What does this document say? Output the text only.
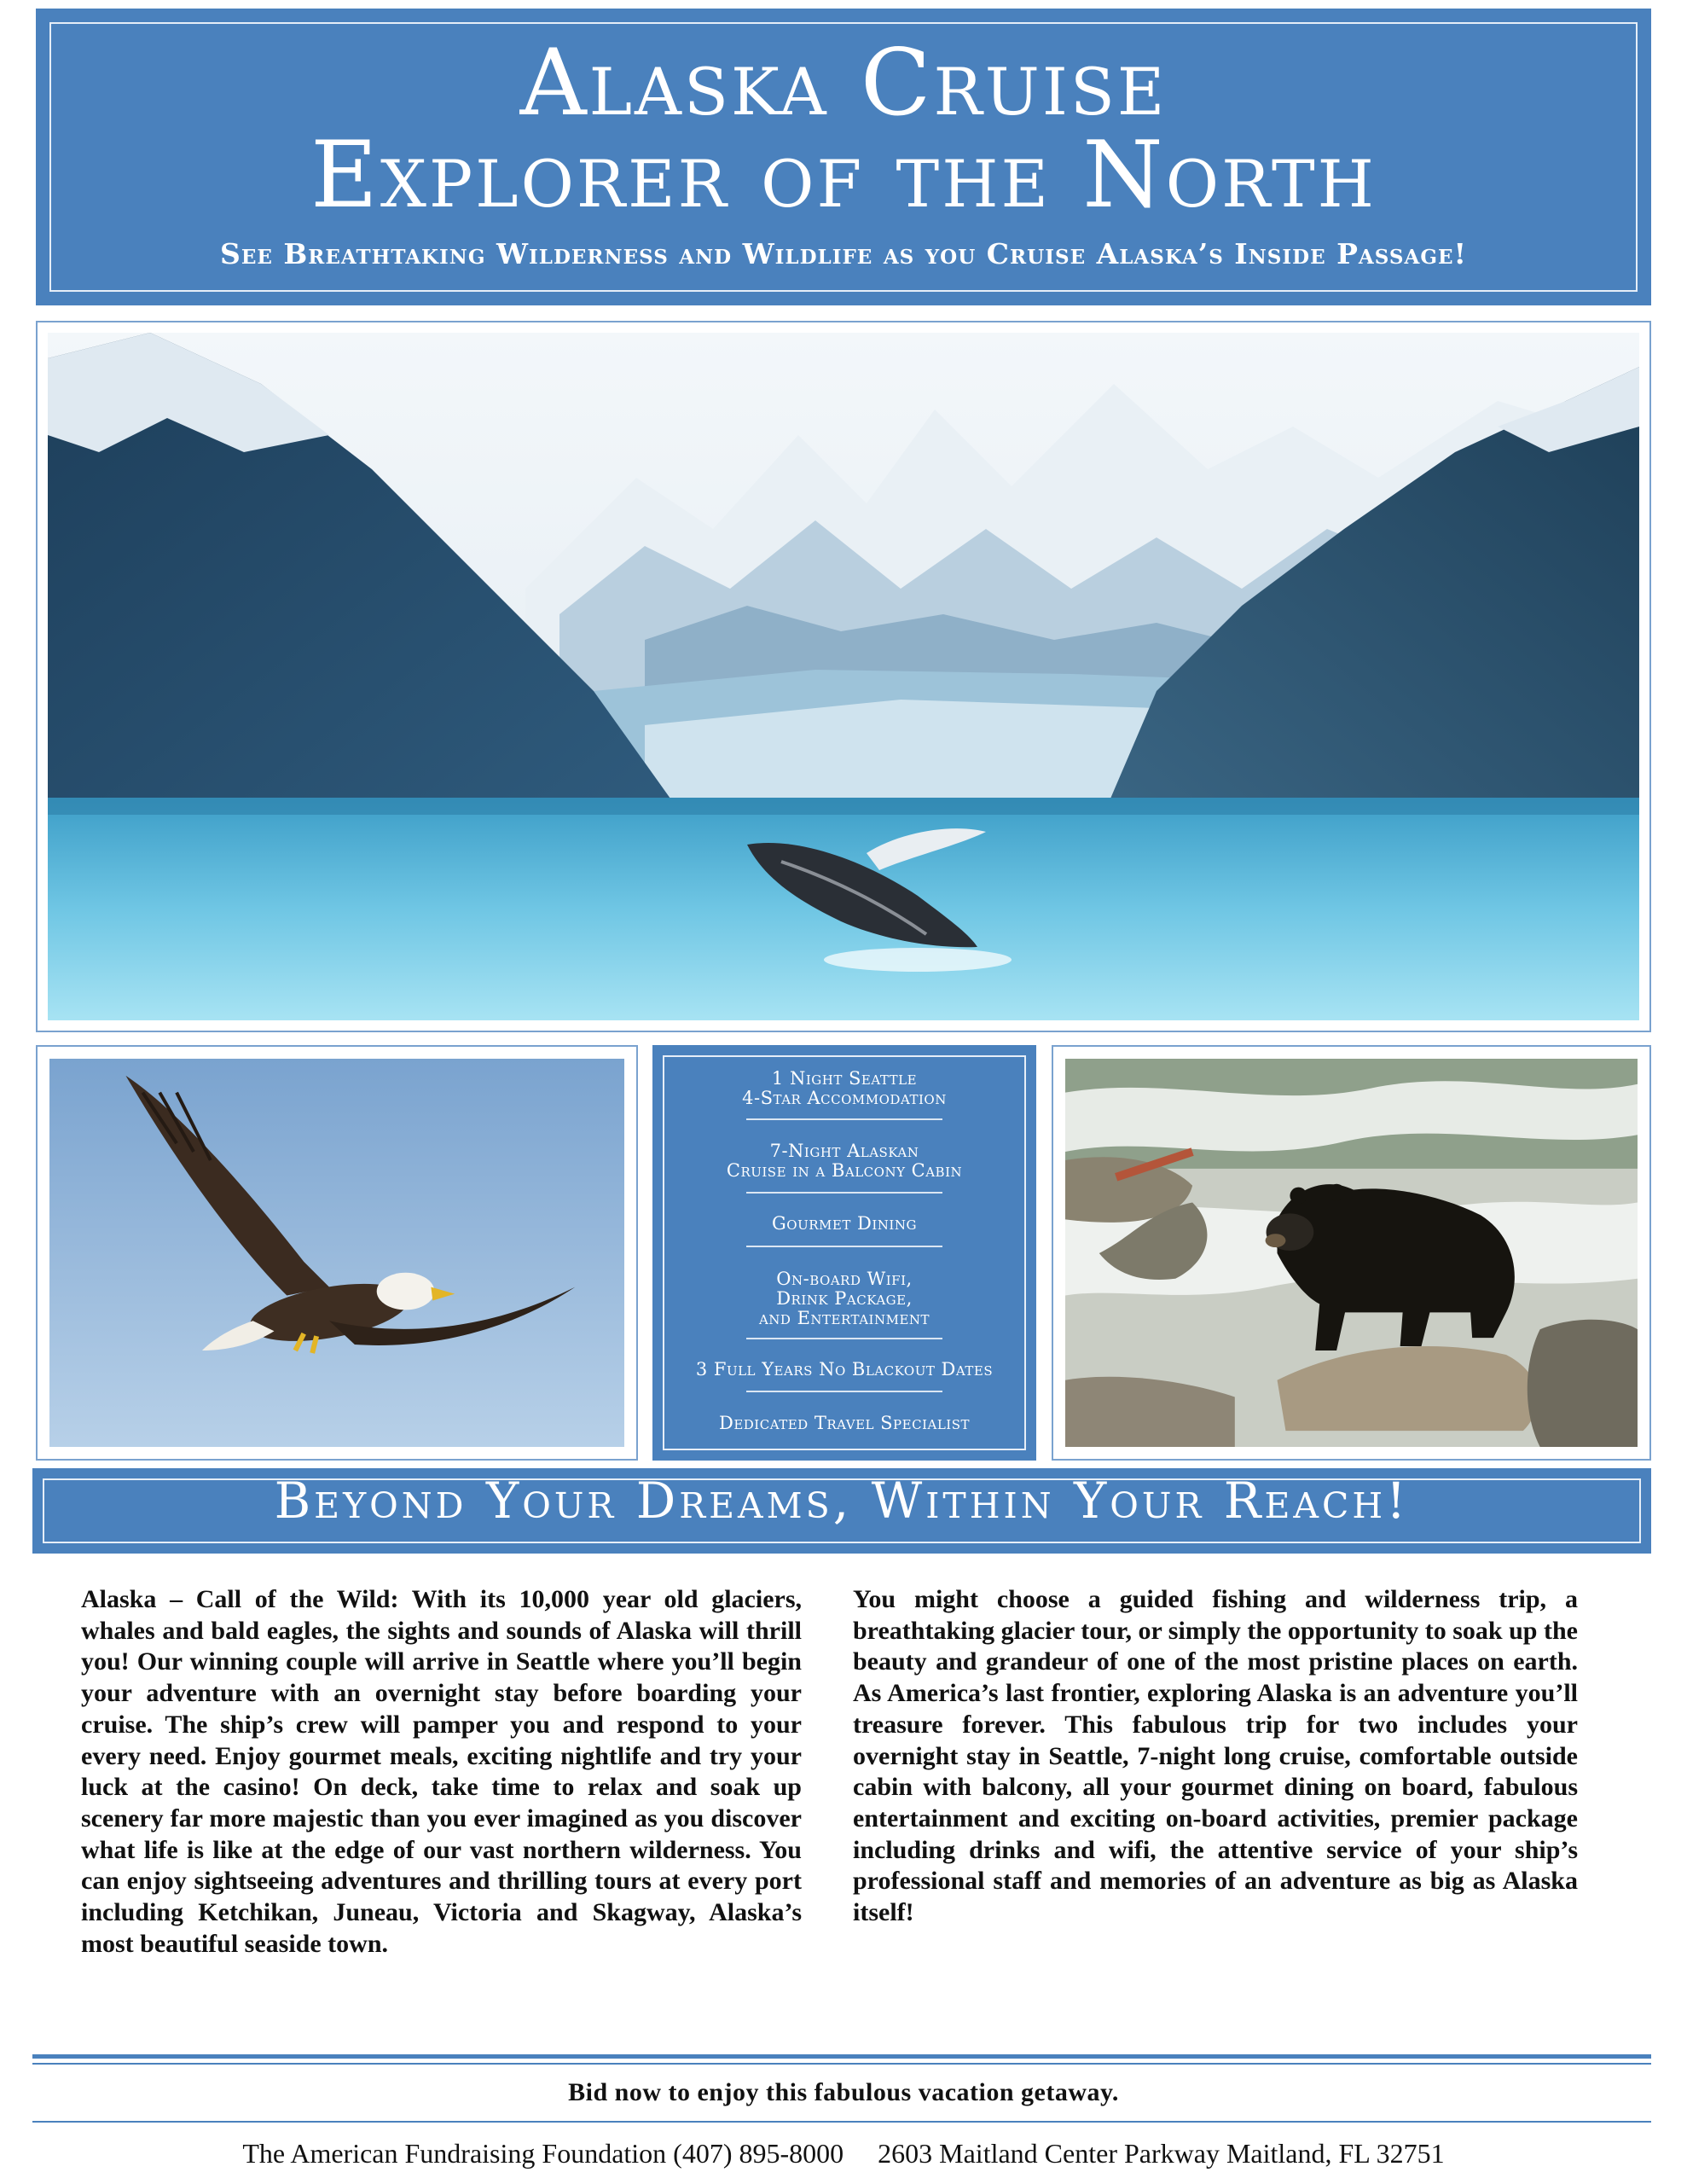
Alaska Cruise
Explorer of the North
See Breathtaking Wilderness and Wildlife as you Cruise Alaska’s Inside Passage!
1 Night Seattle
4-Star Accommodation
7-Night Alaskan
Cruise in a Balcony Cabin
Gourmet Dining
On-board Wifi,
Drink Package,
and Entertainment
3 Full Years No Blackout Dates
Dedicated Travel Specialist
Beyond Your Dreams, Within Your Reach!

Alaska – Call of the Wild: With its 10,000 year old glaciers, whales and bald eagles, the sights and sounds of Alaska will thrill you! Our winning couple will arrive in Seattle where you’ll begin your adventure with an overnight stay before boarding your cruise. The ship’s crew will pamper you and respond to your every need. Enjoy gourmet meals, exciting nightlife and try your luck at the casino! On deck, take time to relax and soak up scenery far more majestic than you ever imagined as you discover what life is like at the edge of our vast northern wilderness. You can enjoy sightseeing adventures and thrilling tours at every port including Ketchikan, Juneau, Victoria and Skagway, Alaska’s most beautiful seaside town.

You might choose a guided fishing and wilderness trip, a breathtaking glacier tour, or simply the opportunity to soak up the beauty and grandeur of one of the most pristine places on earth. As America’s last frontier, exploring Alaska is an adventure you’ll treasure forever. This fabulous trip for two includes your overnight stay in Seattle, 7-night long cruise, comfortable outside cabin with balcony, all your gourmet dining on board, fabulous entertainment and exciting on-board activities, premier package including drinks and wifi, the attentive service of your ship’s professional staff and memories of an adventure as big as Alaska itself!

Bid now to enjoy this fabulous vacation getaway.
The American Fundraising Foundation (407) 895-8000     2603 Maitland Center Parkway Maitland, FL 32751
